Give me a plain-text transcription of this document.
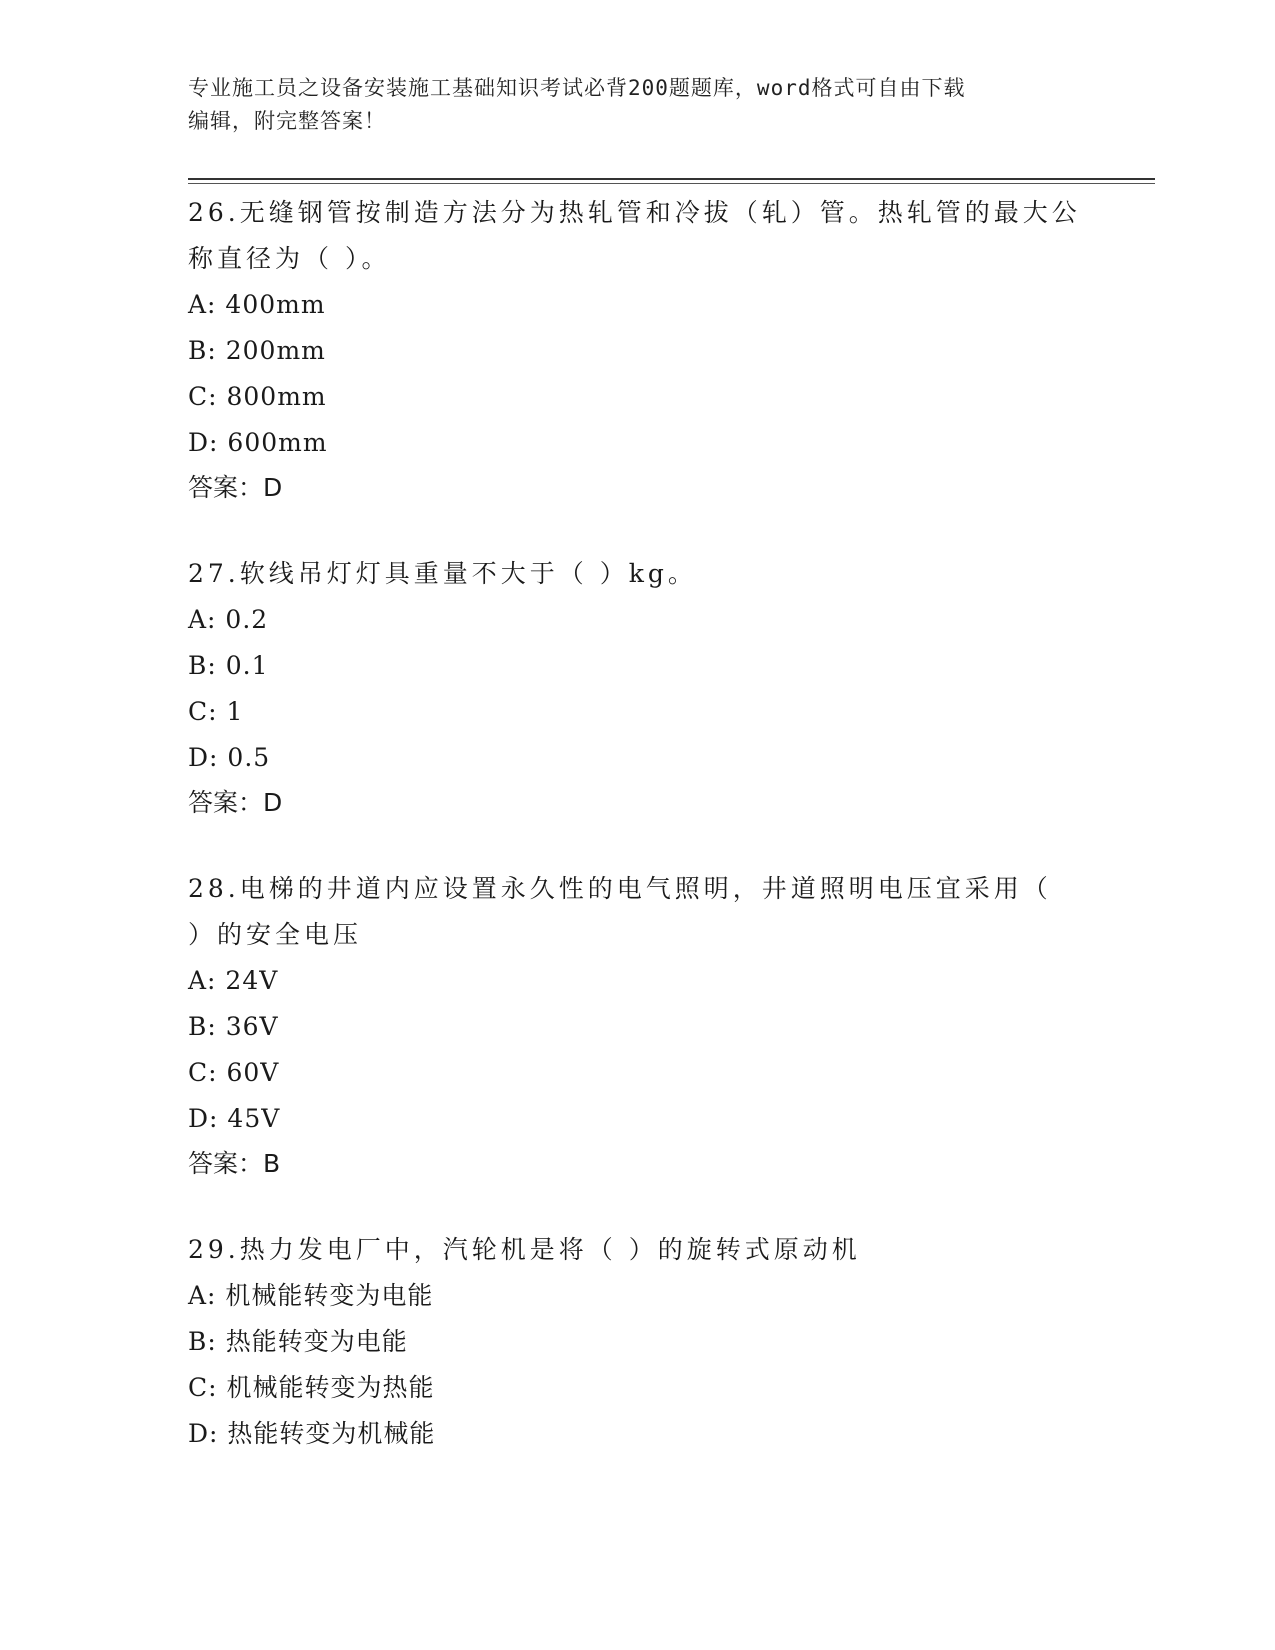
专业施工员之设备安装施工基础知识考试必背200题题库，word格式可自由下载
编辑，附完整答案！

26.无缝钢管按制造方法分为热轧管和冷拔（轧）管。热轧管的最大公

称直径为（ ）。

A: 400mm

B: 200mm

C: 800mm

D: 600mm

答案：D

27.软线吊灯灯具重量不大于（ ）kg。

A: 0.2

B: 0.1

C: 1

D: 0.5

答案：D

28.电梯的井道内应设置永久性的电气照明，井道照明电压宜采用（

）的安全电压

A: 24V

B: 36V

C: 60V

D: 45V

答案：B

29.热力发电厂中，汽轮机是将（ ）的旋转式原动机

A: 机械能转变为电能

B: 热能转变为电能

C: 机械能转变为热能

D: 热能转变为机械能
